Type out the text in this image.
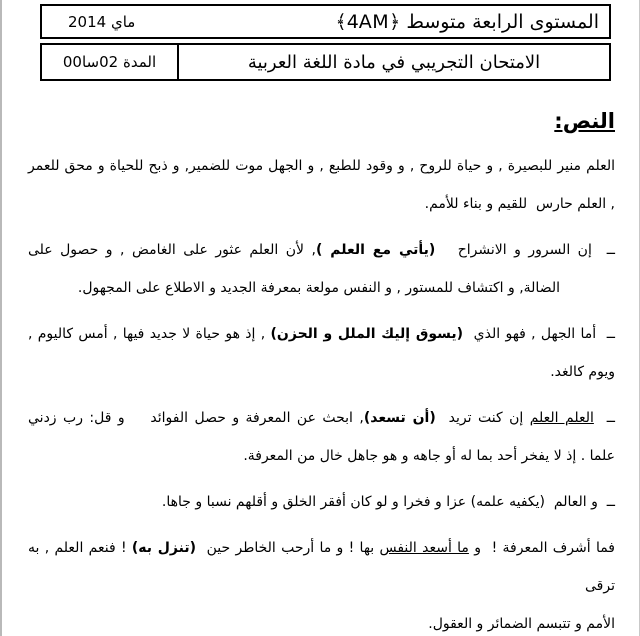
المستوى الرابعة متوسط ﴿4AM﴾
ماي 2014
الامتحان التجريبي في مادة اللغة العربية
المدة 02سا00
النص:
العلم منير للبصيرة , و حياة للروح , و وقود للطبع , و الجهل موت للضمير, و ذبح للحياة و محق للعمر
, العلم حارس  للقيم و بناء للأمم.
ــ  إن السرور و الانشراح   (يأتي مع العلم ), لأن العلم عثور على الغامض , و حصول على
الضالة, و اكتشاف للمستور , و النفس مولعة بمعرفة الجديد و الاطلاع على المجهول.
ــ  أما الجهل , فهو الذي  (يسوق إليك الملل و الحزن) , إذ هو حياة لا جديد فيها , أمس كاليوم ,
ويوم كالغد.
ــ  العلم العلم إن كنت تريد  (أن تسعد), ابحث عن المعرفة و حصل الفوائد    و قل: رب زدني
علما . إذ لا يفخر أحد بما له أو جاهه و هو جاهل خال من المعرفة.
ــ  و العالم  (يكفيه علمه) عزا و فخرا و لو كان أفقر الخلق و أقلهم نسبا و جاها.
فما أشرف المعرفة !  و ما أسعد النفس بها ! و ما أرحب الخاطر حين  (تنزل به) ! فنعم العلم , به ترقى
الأمم و تتبسم الضمائر و العقول.
